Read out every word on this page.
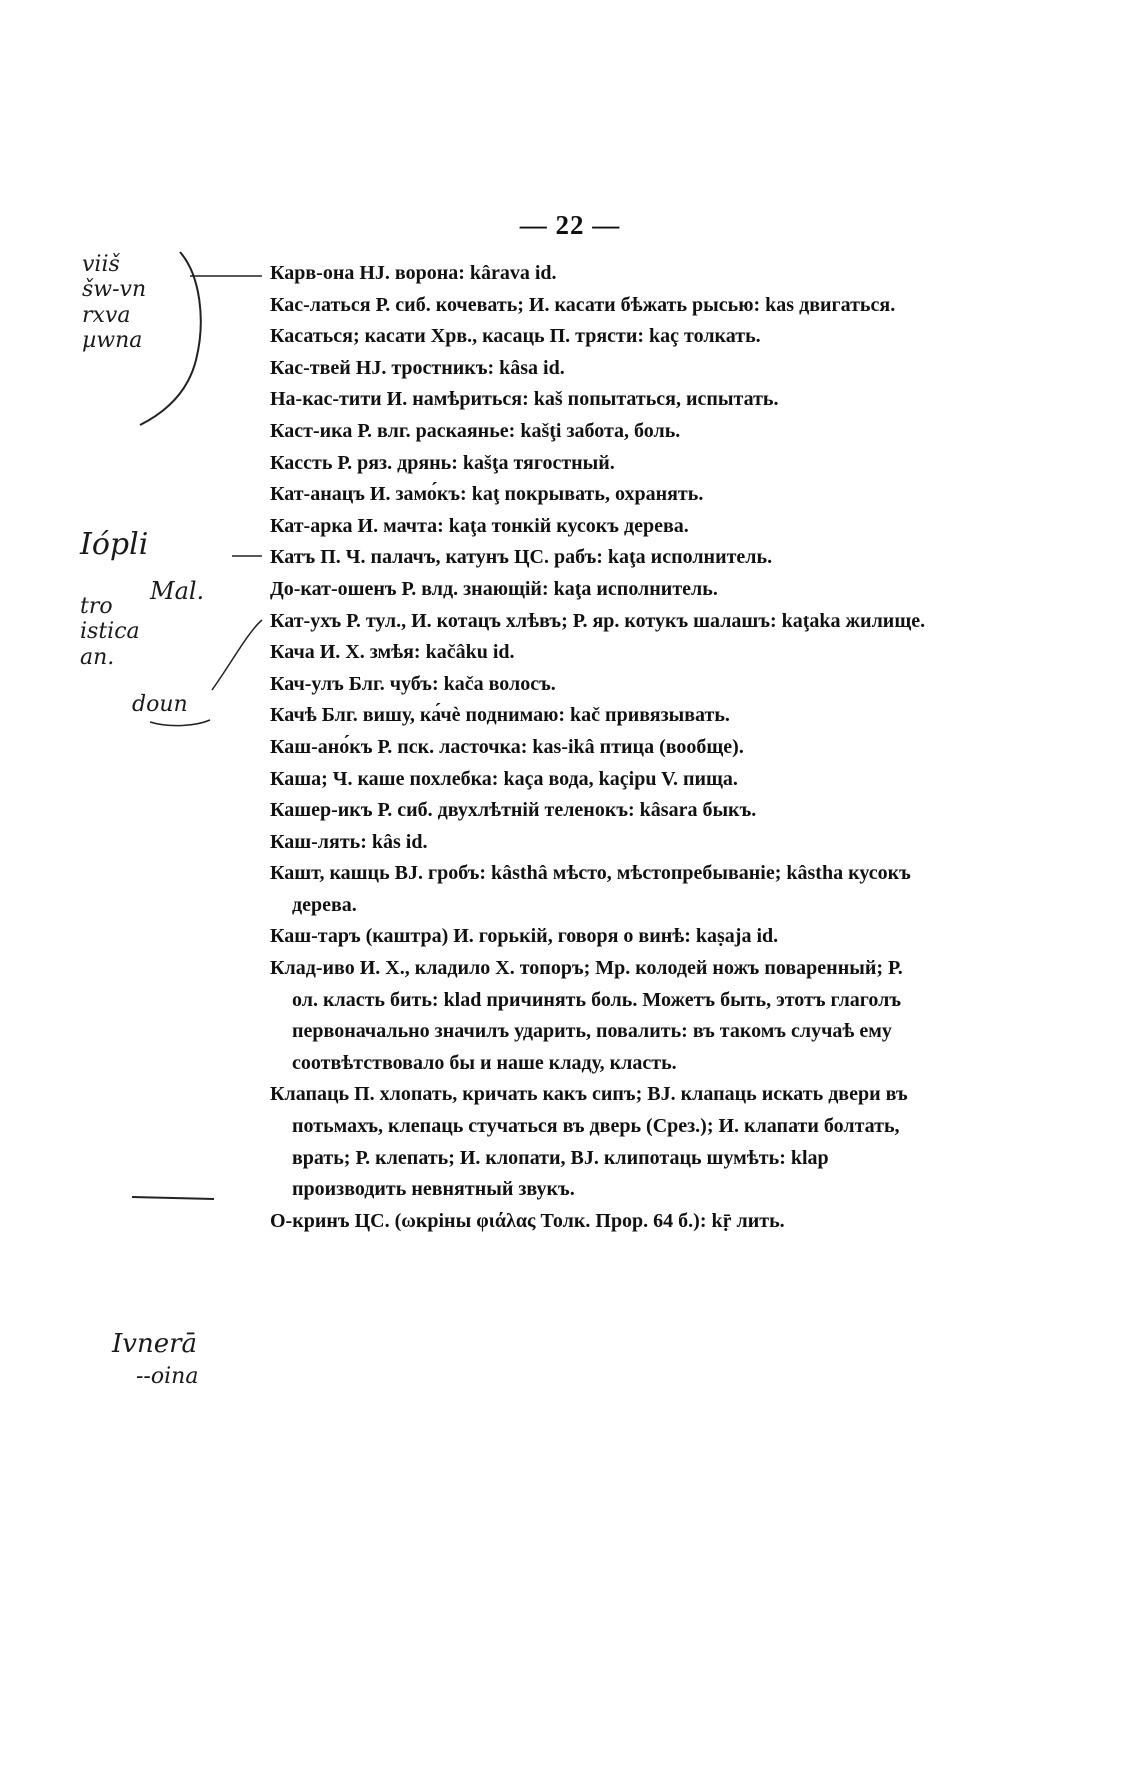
— 22 —
viiš
šw-vn
rxva
µwna
Iópli
Mal.
tro
istica
an.
doun
Ivnerā
--oina

Карв-она НЈ. ворона: kârava id.

Кас-латься Р. сиб. кочевать; И. касати бѣжать рысью: kas двигаться.

Касаться; касати Хрв., касаць П. трясти: kaç толкать.

Кас-твей НЈ. тростникъ: kâsa id.

На-кас-тити И. намѣриться: kaš попытаться, испытать.

Каст-ика Р. влг. раскаянье: kašţi забота, боль.

Кассть Р. ряз. дрянь: kašţa тягостный.

Кат-анацъ И. замо́къ: kaţ покрывать, охранять.

Кат-арка И. мачта: kaţa тонкій кусокъ дерева.

Катъ П. Ч. палачъ, катунъ ЦС. рабъ: kaţa исполнитель.

До-кат-ошенъ Р. влд. знающій: kaţa исполнитель.

Кат-ухъ Р. тул., И. котацъ хлѣвъ; Р. яр. котукъ шалашъ: kaţaka жилище.

Кача И. Х. змѣя: kačâku id.

Кач-улъ Блг. чубъ: kača волосъ.

Качѣ Блг. вишу, ка́чѐ поднимаю: kač привязывать.

Каш-ано́къ Р. пск. ласточка: kas-ikâ птица (вообще).

Каша; Ч. каше похлебка: kaça вода, kaçipu V. пища.

Кашер-икъ Р. сиб. двухлѣтній теленокъ: kâsara быкъ.

Каш-лять: kâs id.

Кашт, кашць ВЈ. гробъ: kâsthâ мѣсто, мѣстопребываніе; kâstha кусокъ дерева.

Каш-таръ (каштра) И. горькій, говоря о винѣ: kaṣaja id.

Клад-иво И. Х., кладило Х. топоръ; Мр. колодей ножъ поваренный; Р. ол. класть бить: klad причинять боль. Можетъ быть, этотъ глаголъ первоначально значилъ ударить, повалить: въ такомъ случаѣ ему соотвѣтствовало бы и наше кладу, класть.

Клапаць П. хлопать, кричать какъ сипъ; ВЈ. клапаць искать двери въ потьмахъ, клепаць стучаться въ дверь (Срез.); И. клапати болтать, врать; Р. клепать; И. клопати, ВЈ. клипотаць шумѣть: klap производить невнятный звукъ.

О-кринъ ЦС. (ωкріны φιάλας Толк. Прор. 64 б.): kṝ лить.
